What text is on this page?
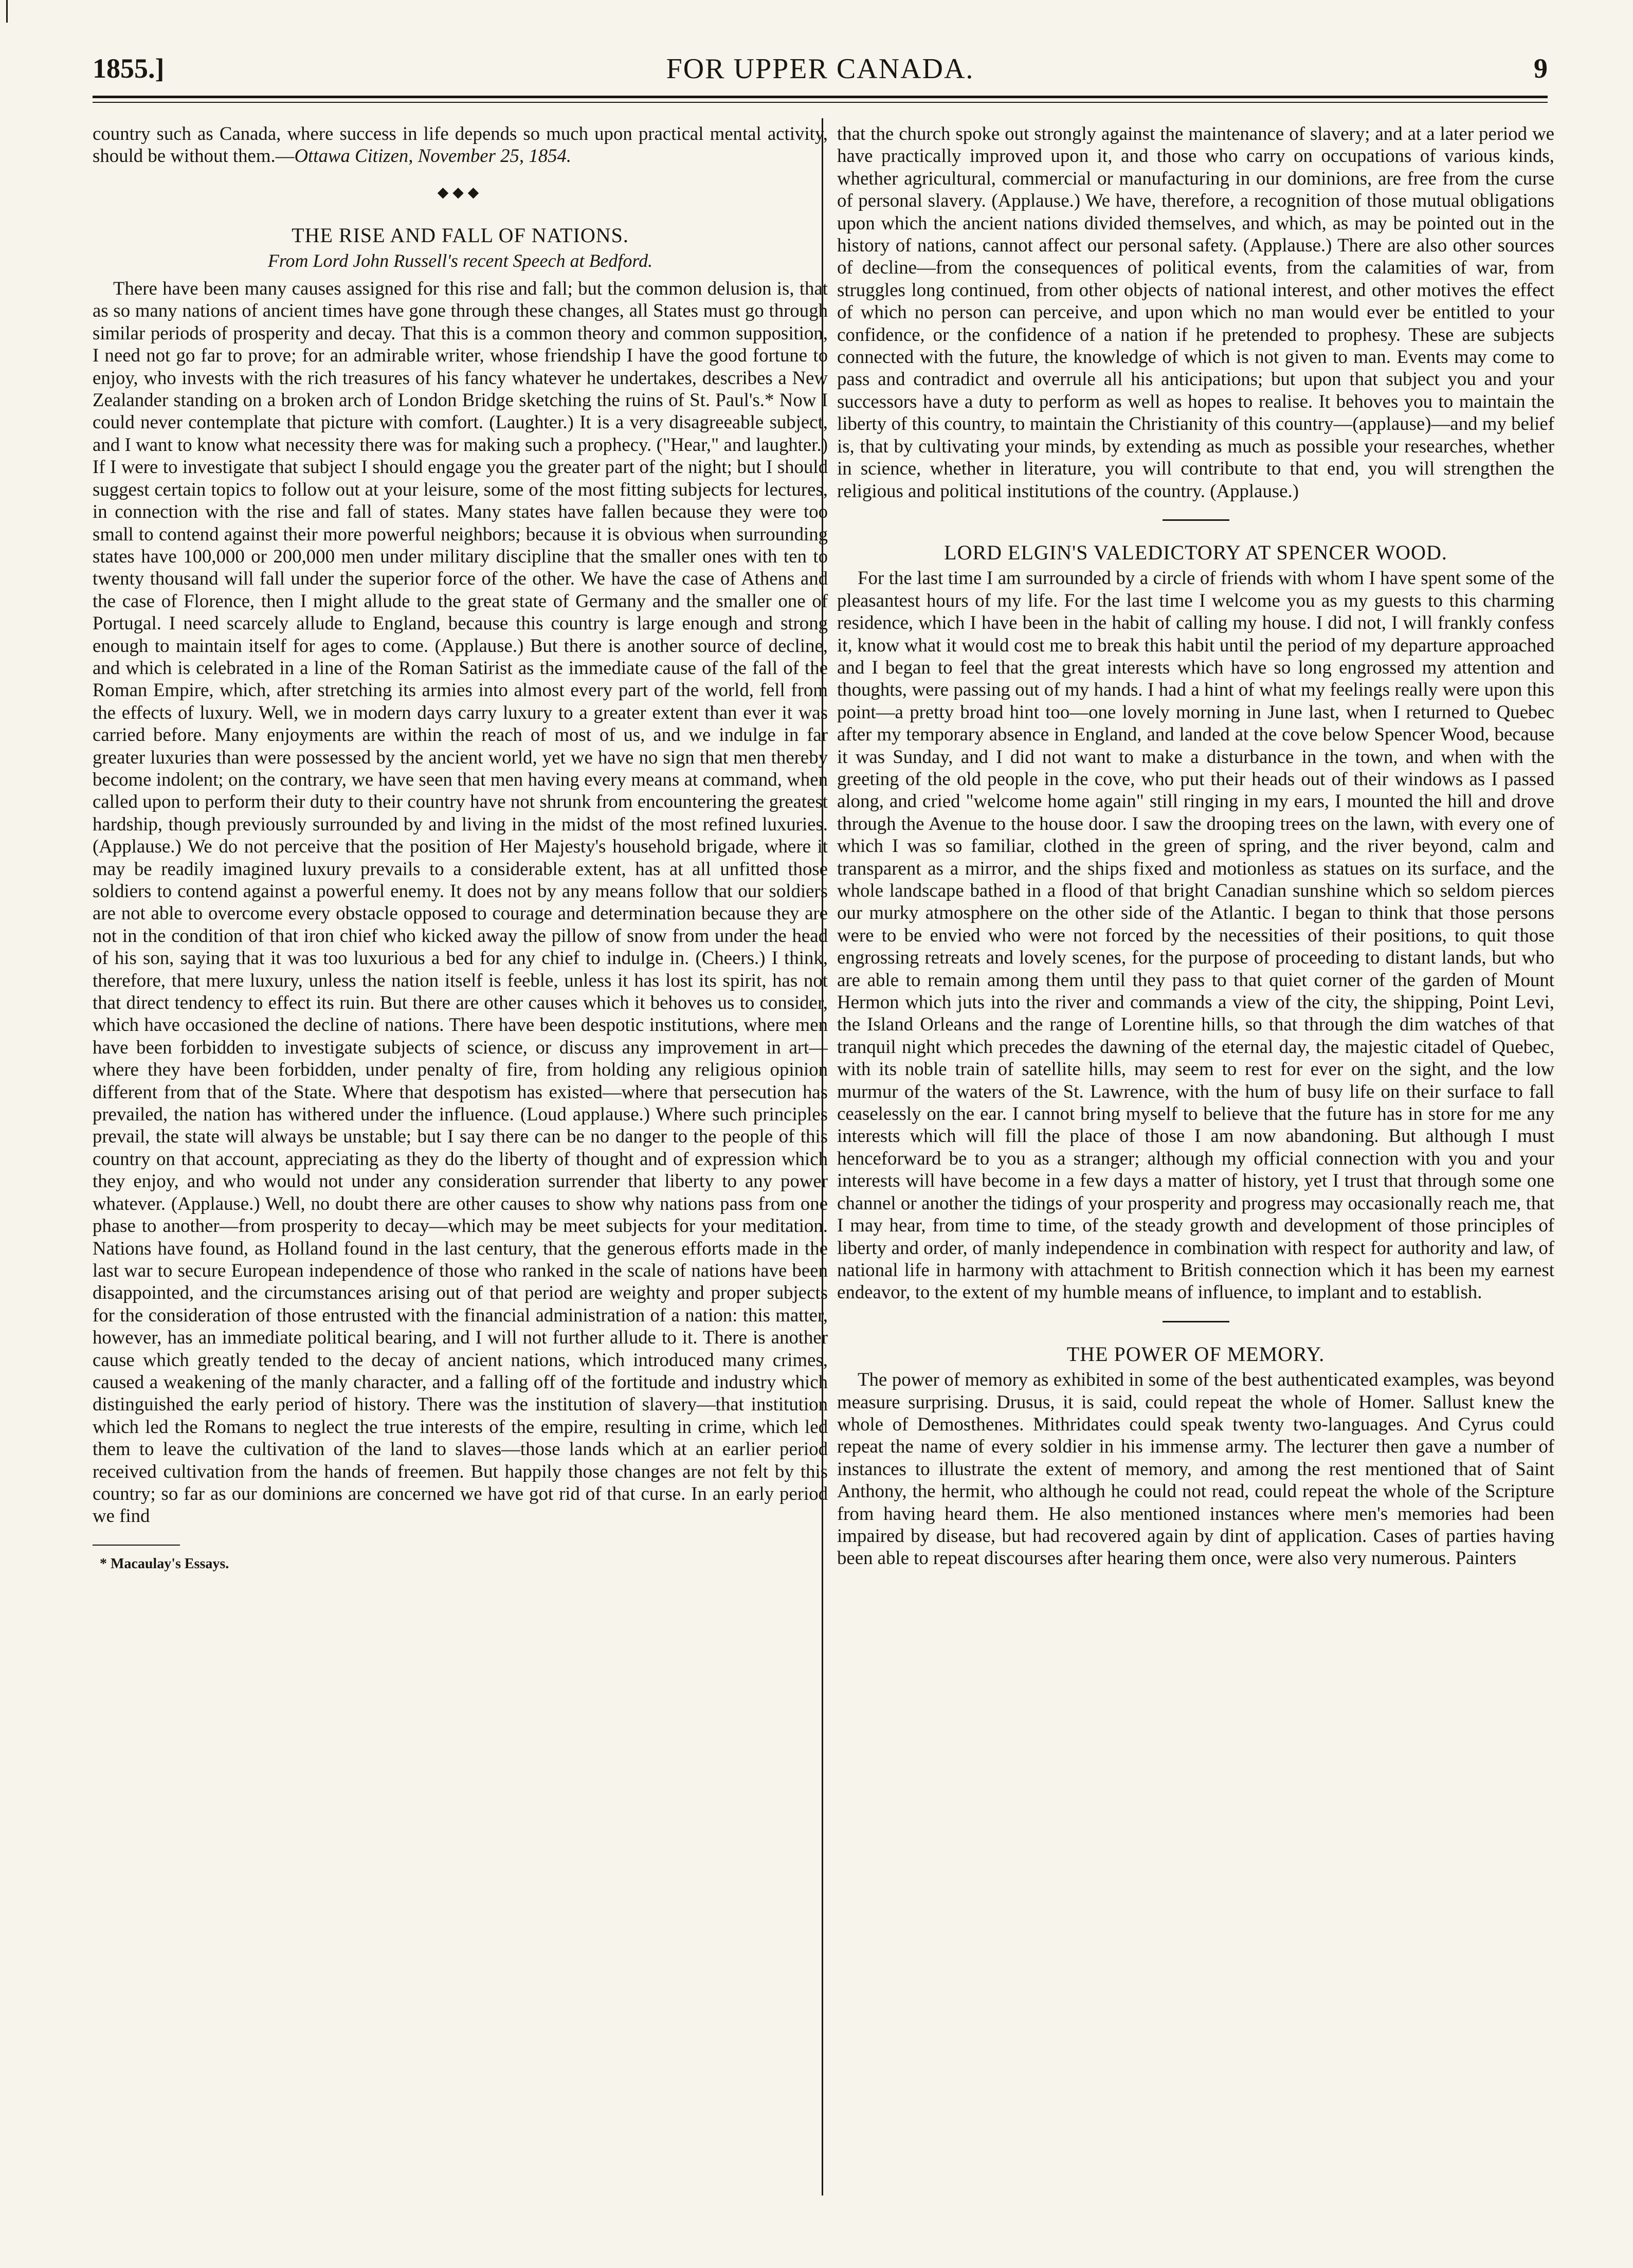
1855.]	FOR UPPER CANADA.	9

country such as Canada, where success in life depends so much upon practical mental activity, should be without them.—Ottawa Citizen, November 25, 1854.

◆◆◆
THE RISE AND FALL OF NATIONS.
From Lord John Russell's recent Speech at Bedford.

There have been many causes assigned for this rise and fall; but the common delusion is, that as so many nations of ancient times have gone through these changes, all States must go through similar periods of prosperity and decay. That this is a common theory and common supposition, I need not go far to prove; for an admirable writer, whose friendship I have the good fortune to enjoy, who invests with the rich treasures of his fancy whatever he undertakes, describes a New Zealander standing on a broken arch of London Bridge sketching the ruins of St. Paul's.* Now I could never contemplate that picture with comfort. (Laughter.) It is a very disagreeable subject, and I want to know what necessity there was for making such a prophecy. ("Hear," and laughter.) If I were to investigate that subject I should engage you the greater part of the night; but I should suggest certain topics to follow out at your leisure, some of the most fitting subjects for lectures, in connection with the rise and fall of states. Many states have fallen because they were too small to contend against their more powerful neighbors; because it is obvious when surrounding states have 100,000 or 200,000 men under military discipline that the smaller ones with ten to twenty thousand will fall under the superior force of the other. We have the case of Athens and the case of Florence, then I might allude to the great state of Germany and the smaller one of Portugal. I need scarcely allude to England, because this country is large enough and strong enough to maintain itself for ages to come. (Applause.) But there is another source of decline, and which is celebrated in a line of the Roman Satirist as the immediate cause of the fall of the Roman Empire, which, after stretching its armies into almost every part of the world, fell from the effects of luxury. Well, we in modern days carry luxury to a greater extent than ever it was carried before. Many enjoyments are within the reach of most of us, and we indulge in far greater luxuries than were possessed by the ancient world, yet we have no sign that men thereby become indolent; on the contrary, we have seen that men having every means at command, when called upon to perform their duty to their country have not shrunk from encountering the greatest hardship, though previously surrounded by and living in the midst of the most refined luxuries. (Applause.) We do not perceive that the position of Her Majesty's household brigade, where it may be readily imagined luxury prevails to a considerable extent, has at all unfitted those soldiers to contend against a powerful enemy. It does not by any means follow that our soldiers are not able to overcome every obstacle opposed to courage and determination because they are not in the condition of that iron chief who kicked away the pillow of snow from under the head of his son, saying that it was too luxurious a bed for any chief to indulge in. (Cheers.) I think, therefore, that mere luxury, unless the nation itself is feeble, unless it has lost its spirit, has not that direct tendency to effect its ruin. But there are other causes which it behoves us to consider, which have occasioned the decline of nations. There have been despotic institutions, where men have been forbidden to investigate subjects of science, or discuss any improvement in art—where they have been forbidden, under penalty of fire, from holding any religious opinion different from that of the State. Where that despotism has existed—where that persecution has prevailed, the nation has withered under the influence. (Loud applause.) Where such principles prevail, the state will always be unstable; but I say there can be no danger to the people of this country on that account, appreciating as they do the liberty of thought and of expression which they enjoy, and who would not under any consideration surrender that liberty to any power whatever. (Applause.) Well, no doubt there are other causes to show why nations pass from one phase to another—from prosperity to decay—which may be meet subjects for your meditation. Nations have found, as Holland found in the last century, that the generous efforts made in the last war to secure European independence of those who ranked in the scale of nations have been disappointed, and the circumstances arising out of that period are weighty and proper subjects for the consideration of those entrusted with the financial administration of a nation: this matter, however, has an immediate political bearing, and I will not further allude to it. There is another cause which greatly tended to the decay of ancient nations, which introduced many crimes, caused a weakening of the manly character, and a falling off of the fortitude and industry which distinguished the early period of history. There was the institution of slavery—that institution which led the Romans to neglect the true interests of the empire, resulting in crime, which led them to leave the cultivation of the land to slaves—those lands which at an earlier period received cultivation from the hands of freemen. But happily those changes are not felt by this country; so far as our dominions are concerned we have got rid of that curse. In an early period we find

* Macaulay's Essays.

that the church spoke out strongly against the maintenance of slavery; and at a later period we have practically improved upon it, and those who carry on occupations of various kinds, whether agricultural, commercial or manufacturing in our dominions, are free from the curse of personal slavery. (Applause.) We have, therefore, a recognition of those mutual obligations upon which the ancient nations divided themselves, and which, as may be pointed out in the history of nations, cannot affect our personal safety. (Applause.) There are also other sources of decline—from the consequences of political events, from the calamities of war, from struggles long continued, from other objects of national interest, and other motives the effect of which no person can perceive, and upon which no man would ever be entitled to your confidence, or the confidence of a nation if he pretended to prophesy. These are subjects connected with the future, the knowledge of which is not given to man. Events may come to pass and contradict and overrule all his anticipations; but upon that subject you and your successors have a duty to perform as well as hopes to realise. It behoves you to maintain the liberty of this country, to maintain the Christianity of this country—(applause)—and my belief is, that by cultivating your minds, by extending as much as possible your researches, whether in science, whether in literature, you will contribute to that end, you will strengthen the religious and political institutions of the country. (Applause.)

LORD ELGIN'S VALEDICTORY AT SPENCER WOOD.

For the last time I am surrounded by a circle of friends with whom I have spent some of the pleasantest hours of my life. For the last time I welcome you as my guests to this charming residence, which I have been in the habit of calling my house. I did not, I will frankly confess it, know what it would cost me to break this habit until the period of my departure approached and I began to feel that the great interests which have so long engrossed my attention and thoughts, were passing out of my hands. I had a hint of what my feelings really were upon this point—a pretty broad hint too—one lovely morning in June last, when I returned to Quebec after my temporary absence in England, and landed at the cove below Spencer Wood, because it was Sunday, and I did not want to make a disturbance in the town, and when with the greeting of the old people in the cove, who put their heads out of their windows as I passed along, and cried "welcome home again" still ringing in my ears, I mounted the hill and drove through the Avenue to the house door. I saw the drooping trees on the lawn, with every one of which I was so familiar, clothed in the green of spring, and the river beyond, calm and transparent as a mirror, and the ships fixed and motionless as statues on its surface, and the whole landscape bathed in a flood of that bright Canadian sunshine which so seldom pierces our murky atmosphere on the other side of the Atlantic. I began to think that those persons were to be envied who were not forced by the necessities of their positions, to quit those engrossing retreats and lovely scenes, for the purpose of proceeding to distant lands, but who are able to remain among them until they pass to that quiet corner of the garden of Mount Hermon which juts into the river and commands a view of the city, the shipping, Point Levi, the Island Orleans and the range of Lorentine hills, so that through the dim watches of that tranquil night which precedes the dawning of the eternal day, the majestic citadel of Quebec, with its noble train of satellite hills, may seem to rest for ever on the sight, and the low murmur of the waters of the St. Lawrence, with the hum of busy life on their surface to fall ceaselessly on the ear. I cannot bring myself to believe that the future has in store for me any interests which will fill the place of those I am now abandoning. But although I must henceforward be to you as a stranger; although my official connection with you and your interests will have become in a few days a matter of history, yet I trust that through some one channel or another the tidings of your prosperity and progress may occasionally reach me, that I may hear, from time to time, of the steady growth and development of those principles of liberty and order, of manly independence in combination with respect for authority and law, of national life in harmony with attachment to British connection which it has been my earnest endeavor, to the extent of my humble means of influence, to implant and to establish.

THE POWER OF MEMORY.

The power of memory as exhibited in some of the best authenticated examples, was beyond measure surprising. Drusus, it is said, could repeat the whole of Homer. Sallust knew the whole of Demosthenes. Mithridates could speak twenty two-languages. And Cyrus could repeat the name of every soldier in his immense army. The lecturer then gave a number of instances to illustrate the extent of memory, and among the rest mentioned that of Saint Anthony, the hermit, who although he could not read, could repeat the whole of the Scripture from having heard them. He also mentioned instances where men's memories had been impaired by disease, but had recovered again by dint of application. Cases of parties having been able to repeat discourses after hearing them once, were also very numerous. Painters
